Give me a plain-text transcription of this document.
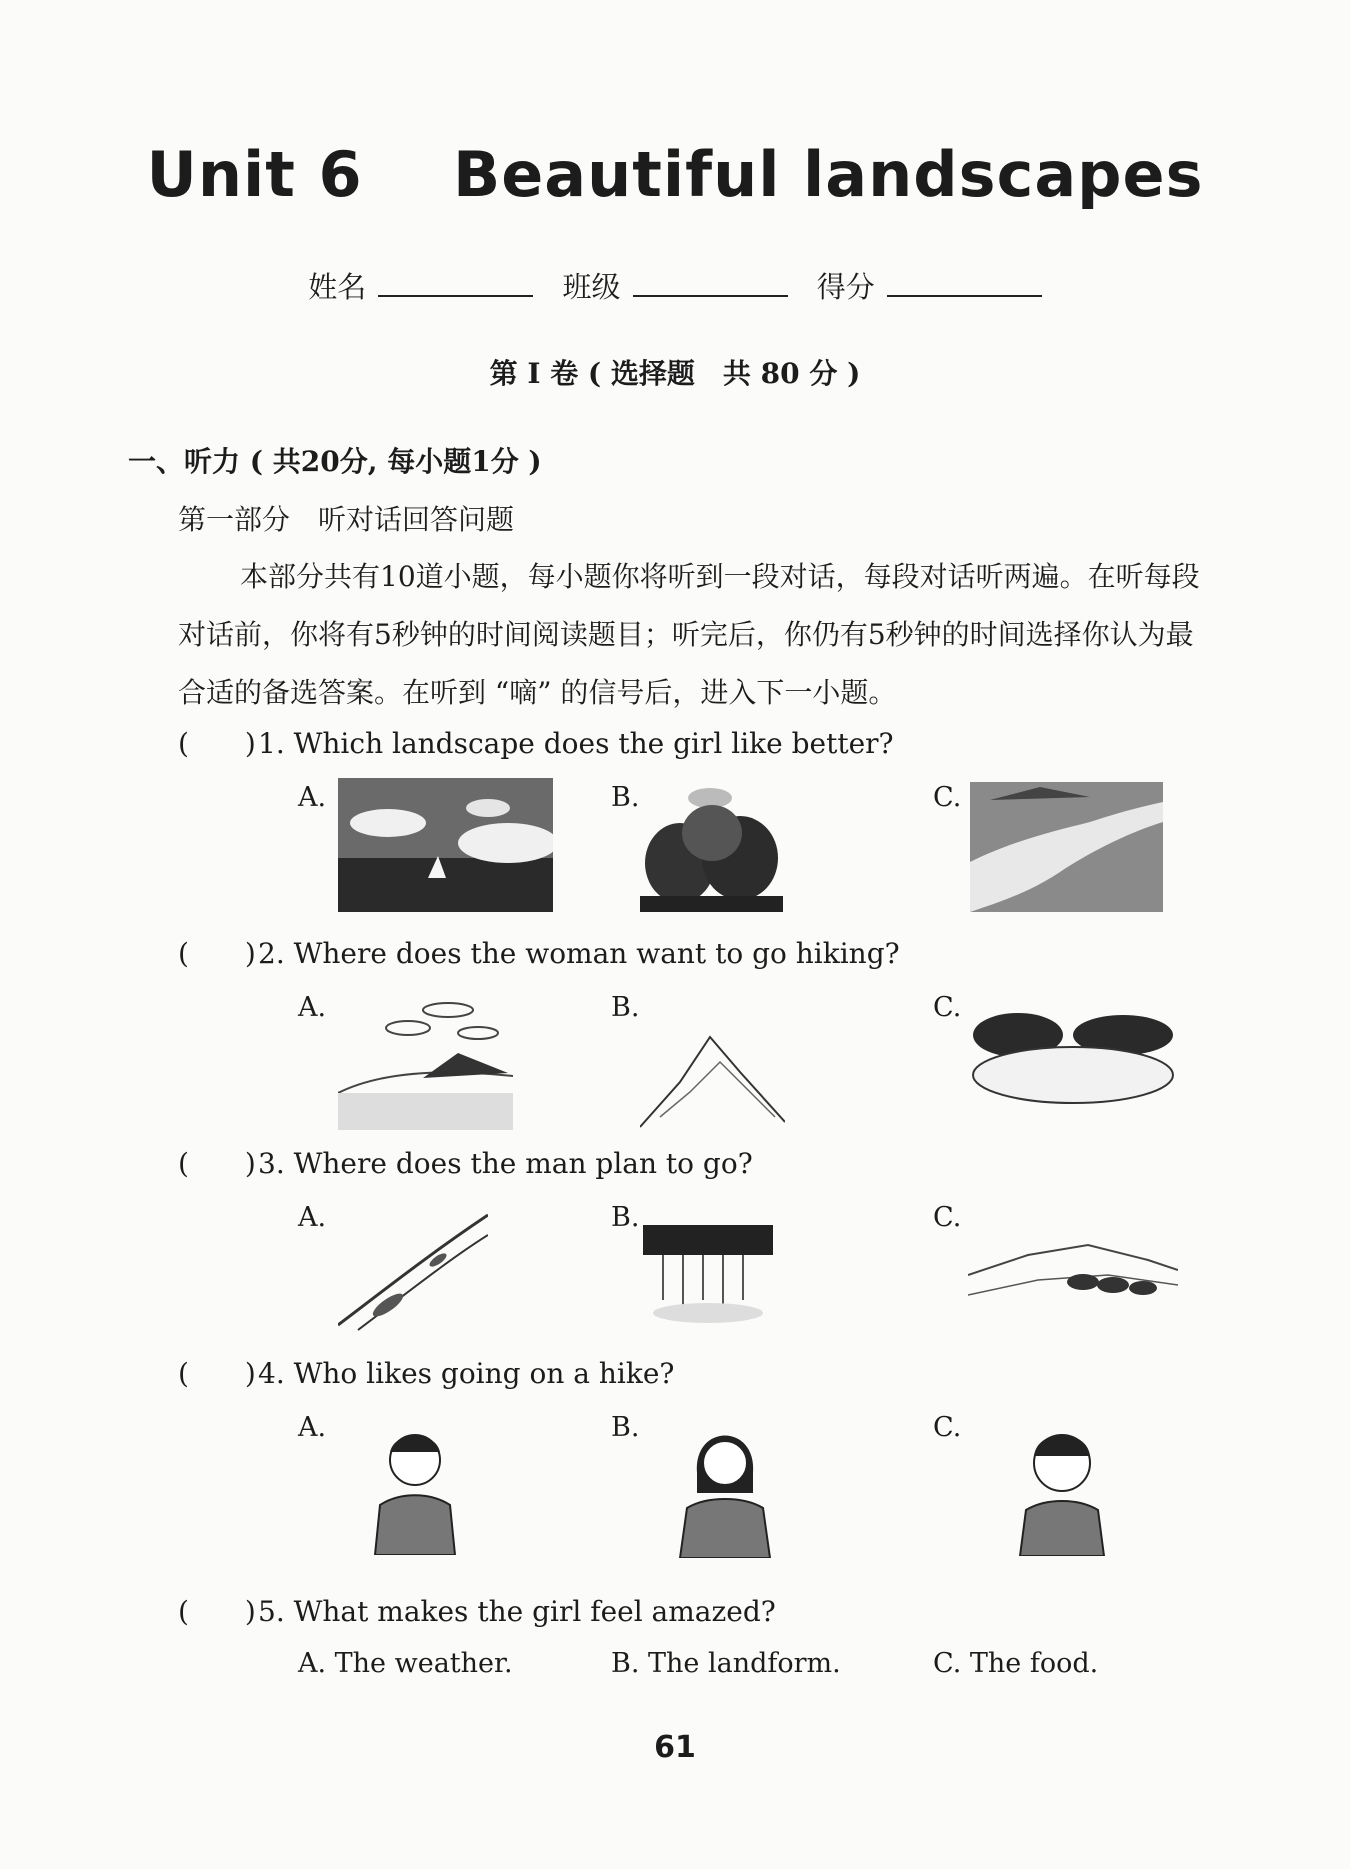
Unit 6    Beautiful landscapes
姓名	班级	得分
第 I 卷 ( 选择题　共 80 分 )
一、听力 ( 共20分, 每小题1分 )
第一部分　听对话回答问题
本部分共有10道小题，每小题你将听到一段对话，每段对话听两遍。在听每段对话前，你将有5秒钟的时间阅读题目；听完后，你仍有5秒钟的时间选择你认为最合适的备选答案。在听到 “嘀” 的信号后，进入下一小题。
(　　)1. Which landscape does the girl like better?
A.	B.	C.
(　　)2. Where does the woman want to go hiking?
A.	B.	C.
(　　)3. Where does the man plan to go?
A.	B.	C.
(　　)4. Who likes going on a hike?
A.	B.	C.
(　　)5. What makes the girl feel amazed?
A. The weather.	B. The landform.	C. The food.
61
